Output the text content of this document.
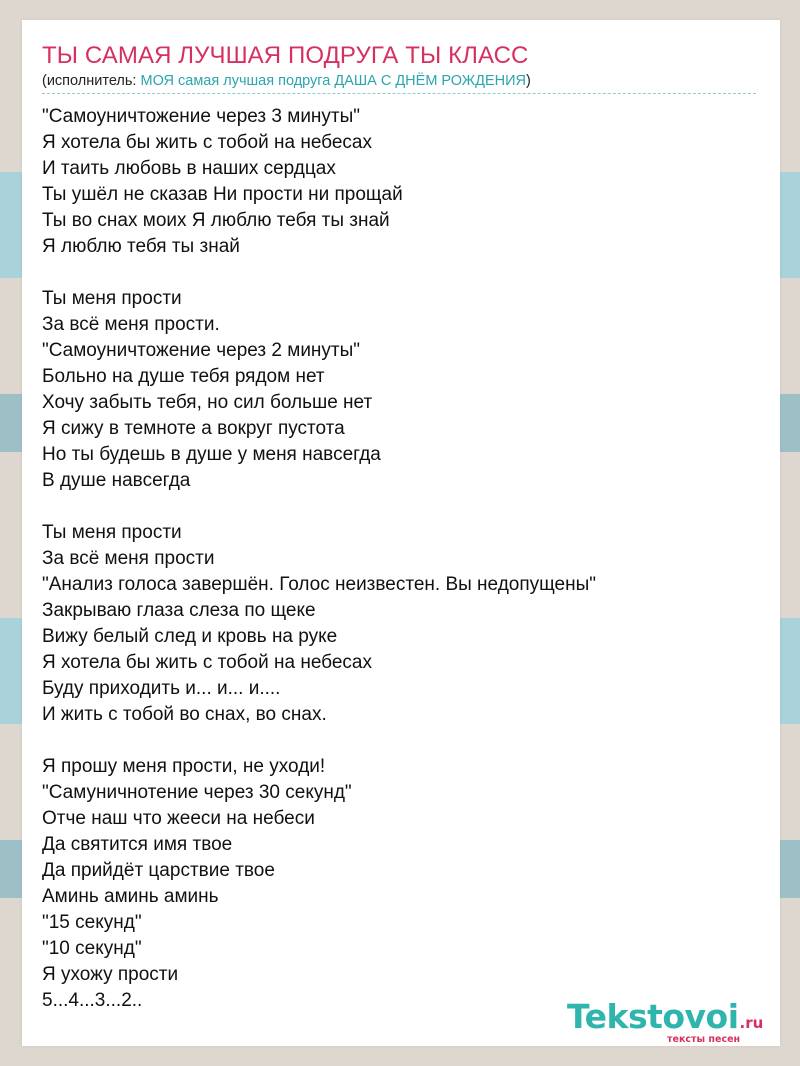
ТЫ САМАЯ ЛУЧШАЯ ПОДРУГА ТЫ КЛАСС
(исполнитель: МОЯ самая лучшая подруга ДАША С ДНЁМ РОЖДЕНИЯ)
"Самоуничтожение через 3 минуты"
Я хотела бы жить с тобой на небесах
И таить любовь в наших сердцах
Ты ушёл не сказав Ни прости ни прощай
Ты во снах моих Я люблю тебя ты знай
Я люблю тебя ты знай
Ты меня прости
За всё меня прости.
"Самоуничтожение через 2 минуты"
Больно на душе тебя рядом нет
Хочу забыть тебя, но сил больше нет
Я сижу в темноте а вокруг пустота
Но ты будешь в душе у меня навсегда
В душе навсегда
Ты меня прости
За всё меня прости
"Анализ голоса завершён. Голос неизвестен. Вы недопущены"
Закрываю глаза слеза по щеке
Вижу белый след и кровь на руке
Я хотела бы жить с тобой на небесах
Буду приходить и... и... и....
И жить с тобой во снах, во снах.
Я прошу меня прости, не уходи!
"Самуничнотение через 30 секунд"
Отче наш что жееси на небеси
Да святится имя твое
Да прийдёт царствие твое
Аминь аминь аминь
"15 секунд"
"10 секунд"
Я ухожу прости
5...4...3...2..	Tekstovoi.ru
тексты песен
